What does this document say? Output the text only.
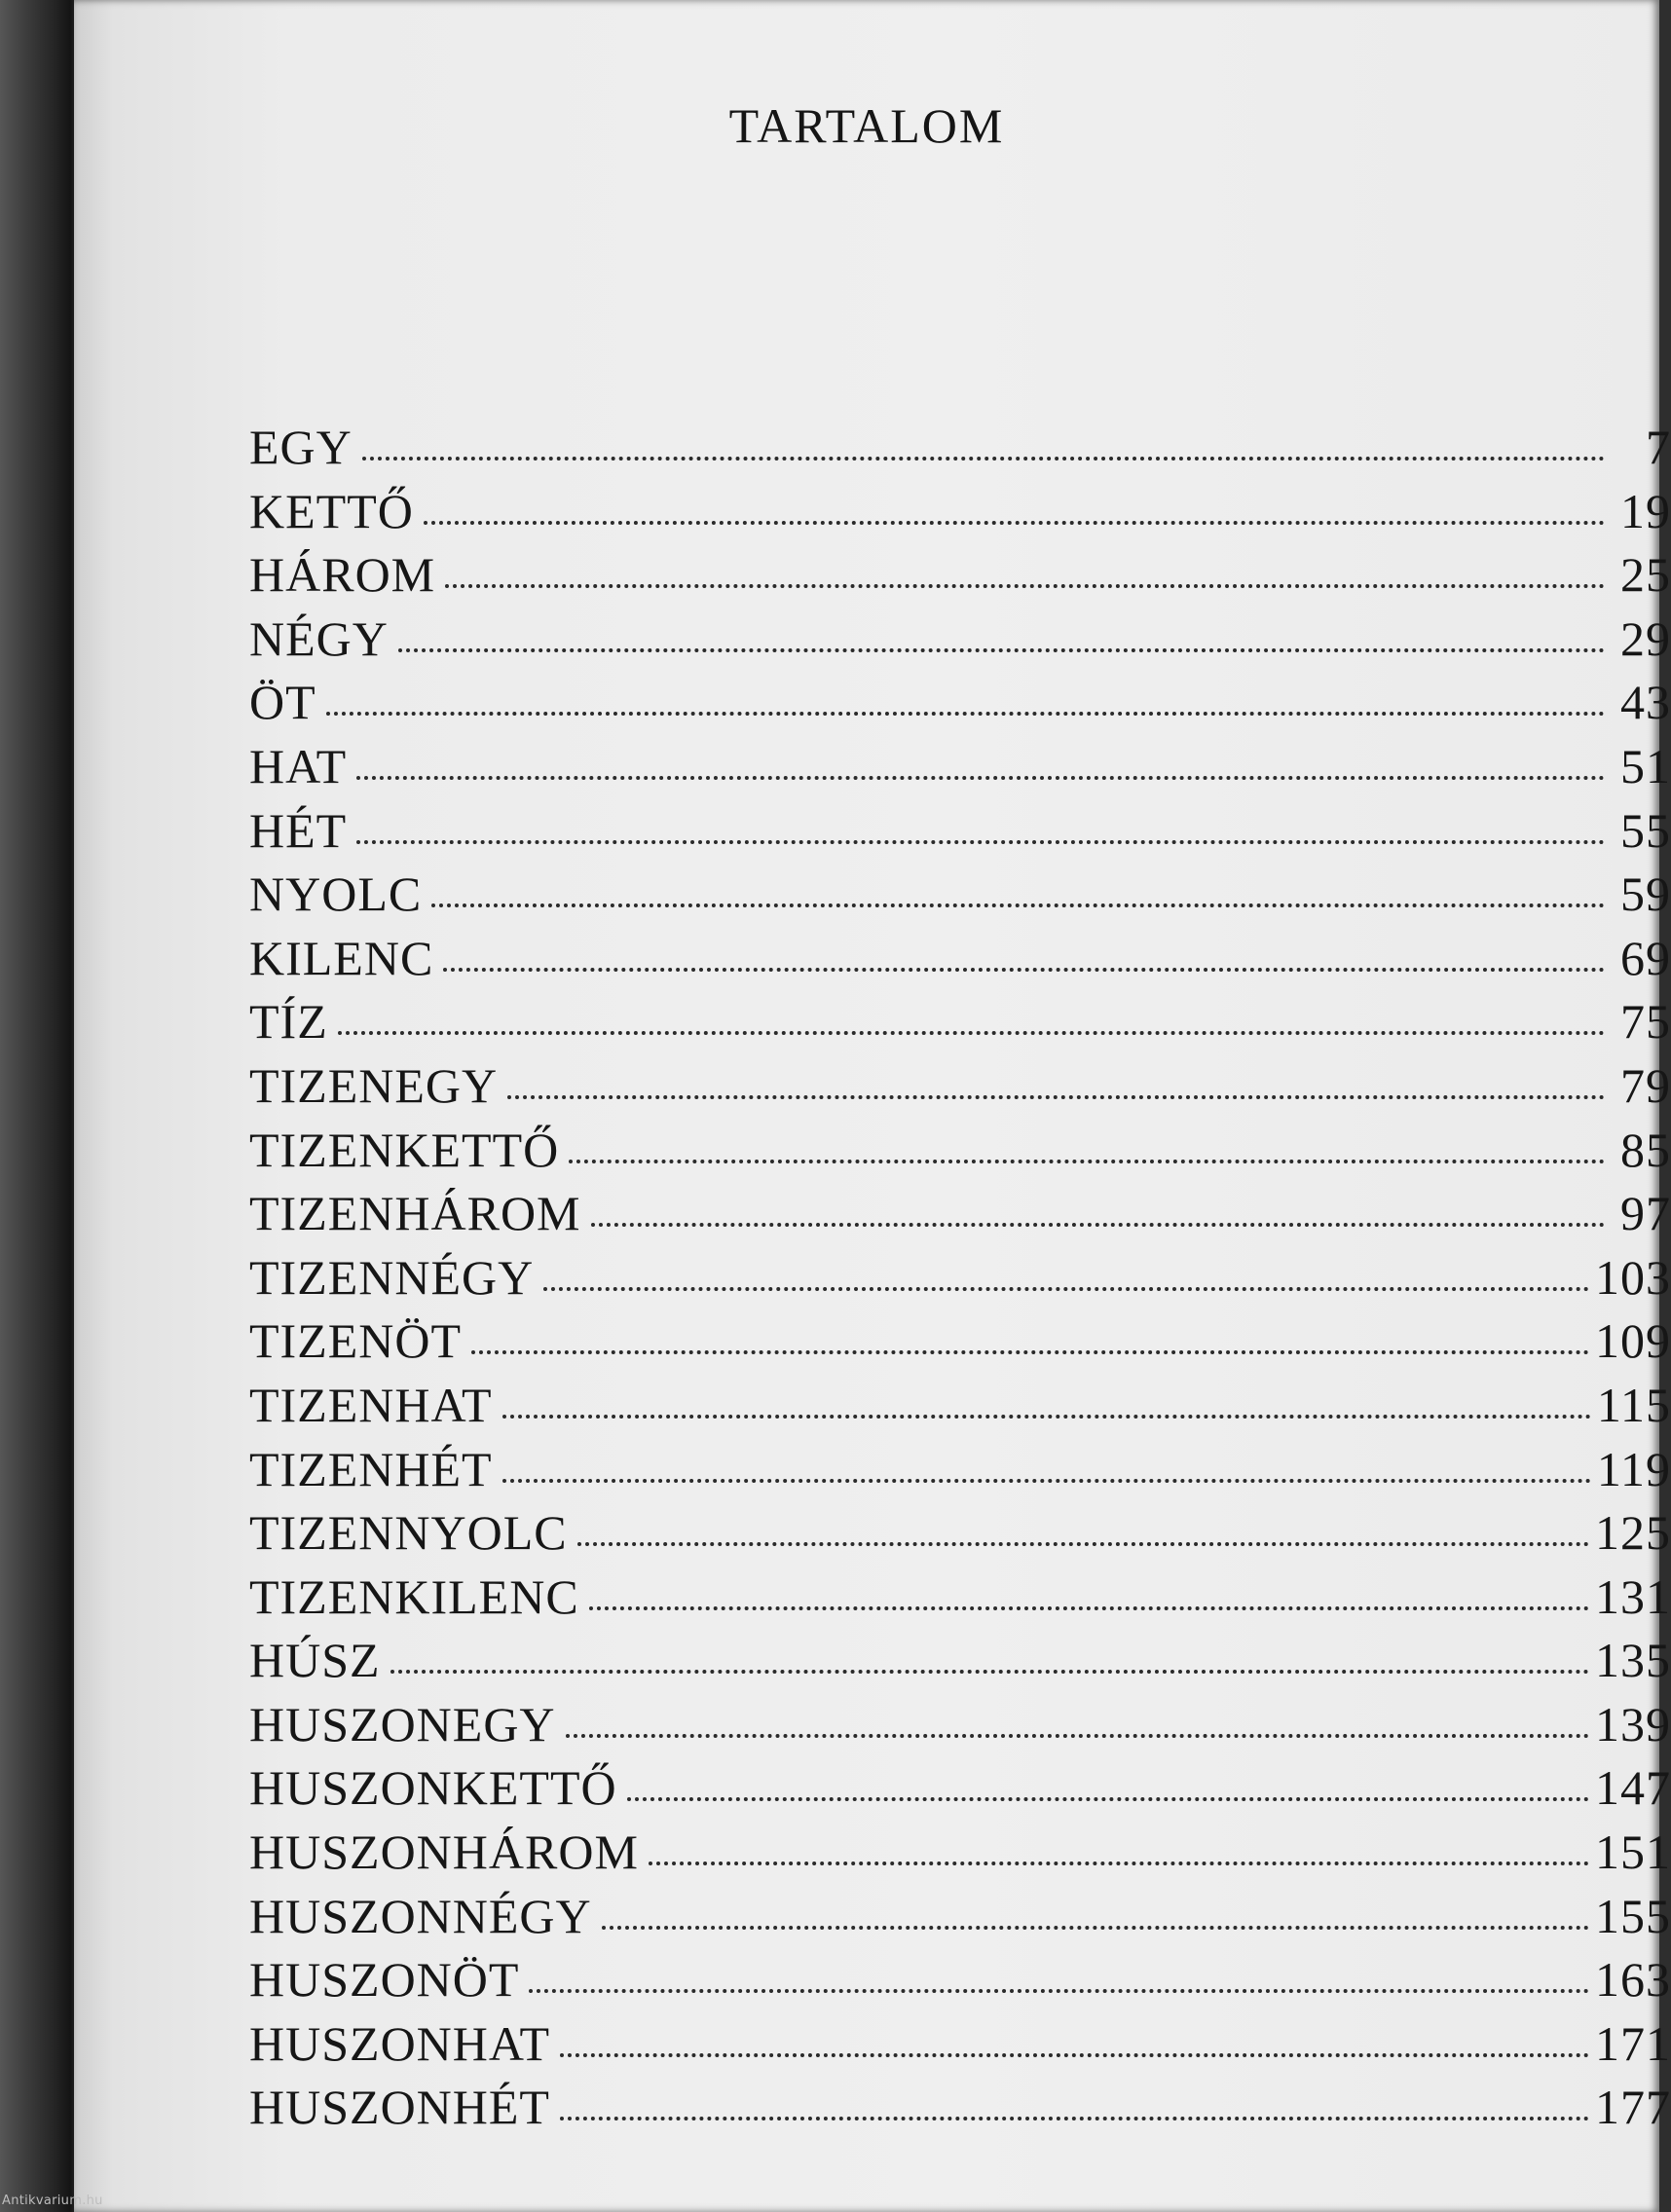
TARTALOM
EGY	7
KETTŐ	19
HÁROM	25
NÉGY	29
ÖT	43
HAT	51
HÉT	55
NYOLC	59
KILENC	69
TÍZ	75
TIZENEGY	79
TIZENKETTŐ	85
TIZENHÁROM	97
TIZENNÉGY	103
TIZENÖT	109
TIZENHAT	115
TIZENHÉT	119
TIZENNYOLC	125
TIZENKILENC	131
HÚSZ	135
HUSZONEGY	139
HUSZONKETTŐ	147
HUSZONHÁROM	151
HUSZONNÉGY	155
HUSZONÖT	163
HUSZONHAT	171
HUSZONHÉT	177
Antikvarium.hu
